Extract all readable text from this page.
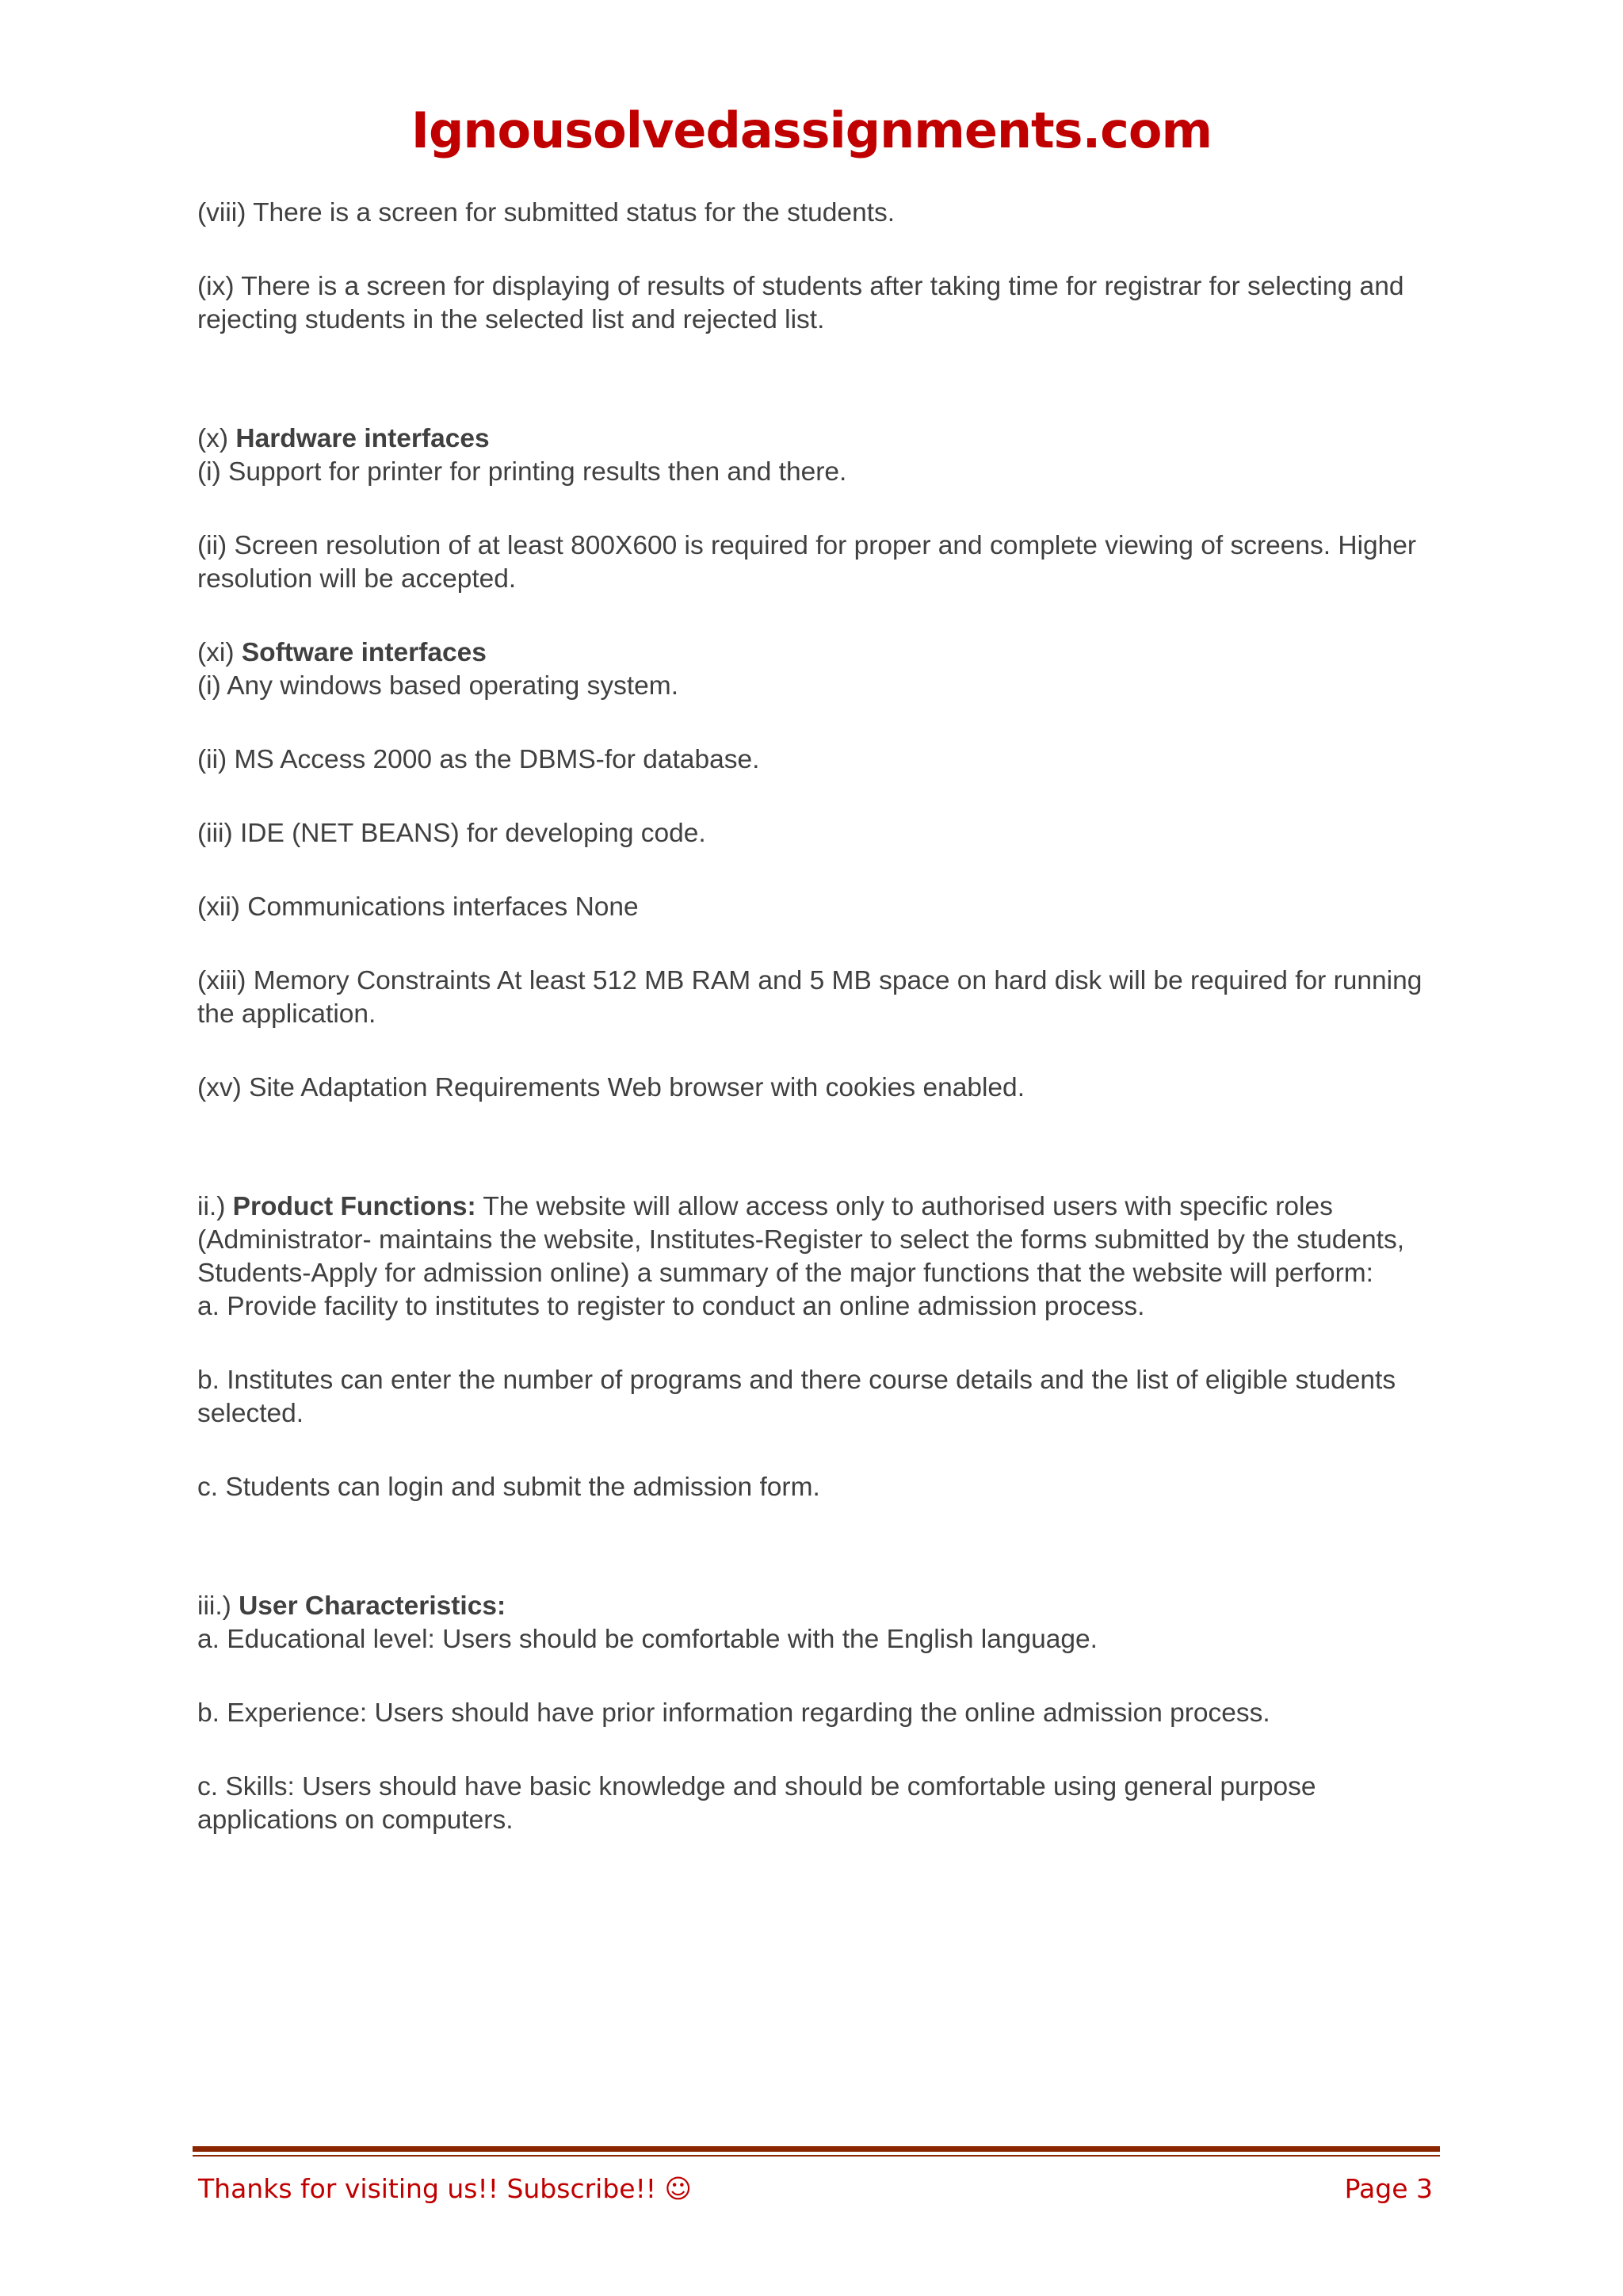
Ignousolvedassignments.com

(viii) There is a screen for submitted status for the students.

(ix) There is a screen for displaying of results of students after taking time for registrar for selecting and rejecting students in the selected list and rejected list.

(x) Hardware interfaces

(i) Support for printer for printing results then and there.

(ii) Screen resolution of at least 800X600 is required for proper and complete viewing of screens. Higher resolution will be accepted.

(xi) Software interfaces

(i) Any windows based operating system.

(ii) MS Access 2000 as the DBMS-for database.

(iii) IDE (NET BEANS) for developing code.

(xii) Communications interfaces None

(xiii) Memory Constraints At least 512 MB RAM and 5 MB space on hard disk will be required for running the application.

(xv) Site Adaptation Requirements Web browser with cookies enabled.

ii.) Product Functions: The website will allow access only to authorised users with specific roles (Administrator- maintains the website, Institutes-Register to select the forms submitted by the students, Students-Apply for admission online) a summary of the major functions that the website will perform:

a. Provide facility to institutes to register to conduct an online admission process.

b. Institutes can enter the number of programs and there course details and the list of eligible students selected.

c. Students can login and submit the admission form.

iii.) User Characteristics:

a. Educational level: Users should be comfortable with the English language.

b. Experience: Users should have prior information regarding the online admission process.

c. Skills: Users should have basic knowledge and should be comfortable using general purpose applications on computers.

Thanks for visiting us!! Subscribe!! ☺	Page 3
